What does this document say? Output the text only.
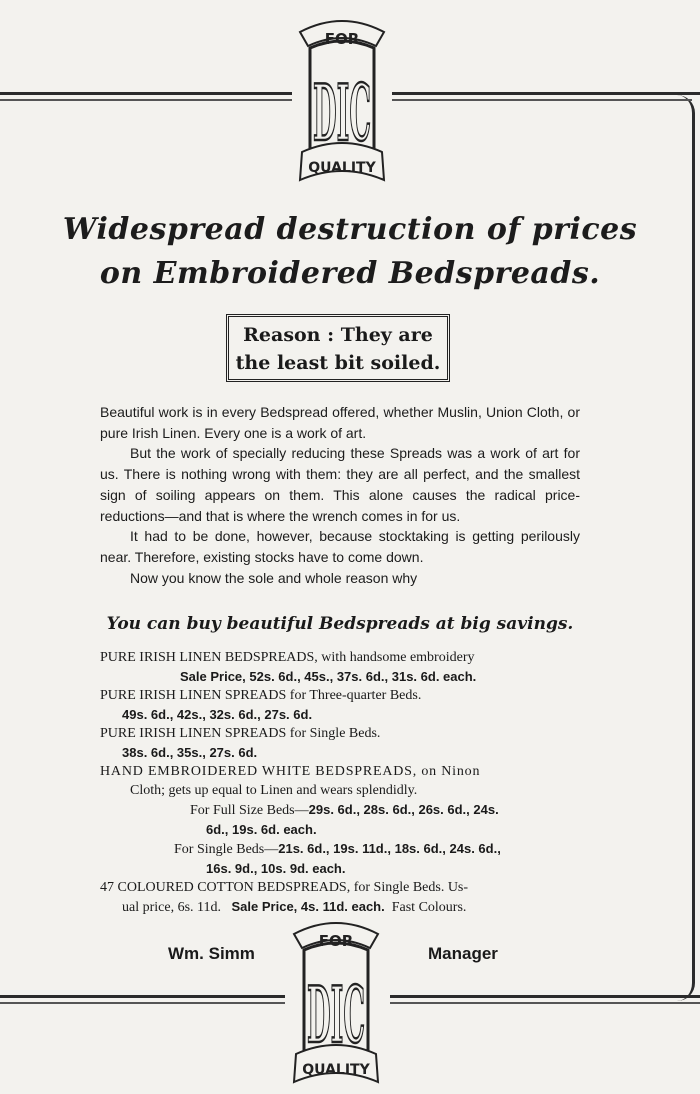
FOR
DIC
QUALITY
Widespread destruction of prices
on Embroidered Bedspreads.
Reason : They are
the least bit soiled.

Beautiful work is in every Bedspread offered, whether Muslin, Union Cloth, or pure Irish Linen. Every one is a work of art.

But the work of specially reducing these Spreads was a work of art for us. There is nothing wrong with them: they are all perfect, and the smallest sign of soiling appears on them. This alone causes the radical price-reductions—and that is where the wrench comes in for us.

It had to be done, however, because stocktaking is getting perilously near. Therefore, existing stocks have to come down.

Now you know the sole and whole reason why

You can buy beautiful Bedspreads at big savings.
PURE IRISH LINEN BEDSPREADS, with handsome embroidery
Sale Price, 52s. 6d., 45s., 37s. 6d., 31s. 6d. each.
PURE IRISH LINEN SPREADS for Three-quarter Beds.
49s. 6d., 42s., 32s. 6d., 27s. 6d.
PURE IRISH LINEN SPREADS for Single Beds.
38s. 6d., 35s., 27s. 6d.
HAND EMBROIDERED WHITE BEDSPREADS, on Ninon
Cloth; gets up equal to Linen and wears splendidly.
For Full Size Beds—29s. 6d., 28s. 6d., 26s. 6d., 24s.
6d., 19s. 6d. each.
For Single Beds—21s. 6d., 19s. 11d., 18s. 6d., 24s. 6d.,
16s. 9d., 10s. 9d. each.
47 COLOURED COTTON BEDSPREADS, for Single Beds. Us-
ual price, 6s. 11d. Sale Price, 4s. 11d. each. Fast Colours.
Wm. Simm	Manager
FOR
DIC
QUALITY
